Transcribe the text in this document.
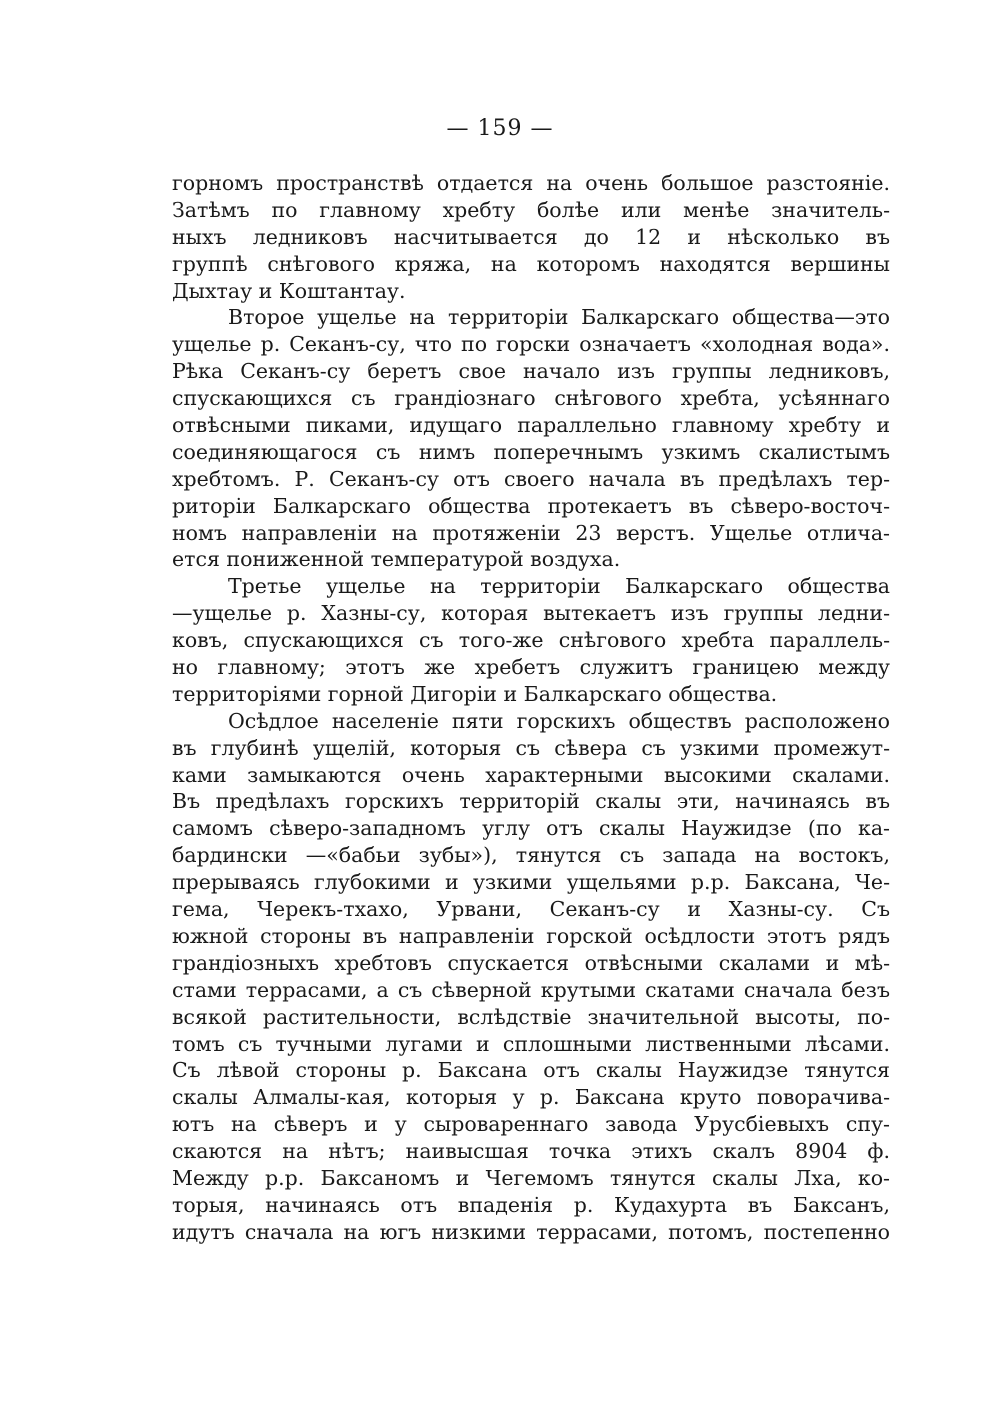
— 159 —
горномъ пространствѣ отдается на очень большое разстояніе.
Затѣмъ по главному хребту болѣе или менѣе значитель-
ныхъ ледниковъ насчитывается до 12 и нѣсколько въ
группѣ снѣгового кряжа, на которомъ находятся вершины
Дыхтау и Коштантау.
Второе ущелье на территоріи Балкарскаго общества—это
ущелье р. Секанъ-су, что по горски означаетъ «холодная вода».
Рѣка Секанъ-су беретъ свое начало изъ группы ледниковъ,
спускающихся съ грандіознаго снѣгового хребта, усѣяннаго
отвѣсными пиками, идущаго параллельно главному хребту и
соединяющагося съ нимъ поперечнымъ узкимъ скалистымъ
хребтомъ. Р. Секанъ-су отъ своего начала въ предѣлахъ тер-
риторіи Балкарскаго общества протекаетъ въ сѣверо-восточ-
номъ направленіи на протяженіи 23 верстъ. Ущелье отлича-
ется пониженной температурой воздуха.
Третье ущелье на территоріи Балкарскаго общества
—ущелье р. Хазны-су, которая вытекаетъ изъ группы ледни-
ковъ, спускающихся съ того-же снѣгового хребта параллель-
но главному; этотъ же хребетъ служитъ границею между
территоріями горной Дигоріи и Балкарскаго общества.
Осѣдлое населеніе пяти горскихъ обществъ расположено
въ глубинѣ ущелій, которыя съ сѣвера съ узкими промежут-
ками замыкаются очень характерными высокими скалами.
Въ предѣлахъ горскихъ территорій скалы эти, начинаясь въ
самомъ сѣверо-западномъ углу отъ скалы Наужидзе (по ка-
бардински —«бабьи зубы»), тянутся съ запада на востокъ,
прерываясь глубокими и узкими ущельями р.р. Баксана, Че-
гема, Черекъ-тхахо, Урвани, Секанъ-су и Хазны-су. Съ
южной стороны въ направленіи горской осѣдлости этотъ рядъ
грандіозныхъ хребтовъ спускается отвѣсными скалами и мѣ-
стами террасами, а съ сѣверной крутыми скатами сначала безъ
всякой растительности, вслѣдствіе значительной высоты, по-
томъ съ тучными лугами и сплошными лиственными лѣсами.
Съ лѣвой стороны р. Баксана отъ скалы Наужидзе тянутся
скалы Алмалы-кая, которыя у р. Баксана круто поворачива-
ютъ на сѣверъ и у сыровареннаго завода Урусбіевыхъ спу-
скаются на нѣтъ; наивысшая точка этихъ скалъ 8904 ф.
Между р.р. Баксаномъ и Чегемомъ тянутся скалы Лха, ко-
торыя, начинаясь отъ впаденія р. Кудахурта въ Баксанъ,
идутъ сначала на югъ низкими террасами, потомъ, постепенно
